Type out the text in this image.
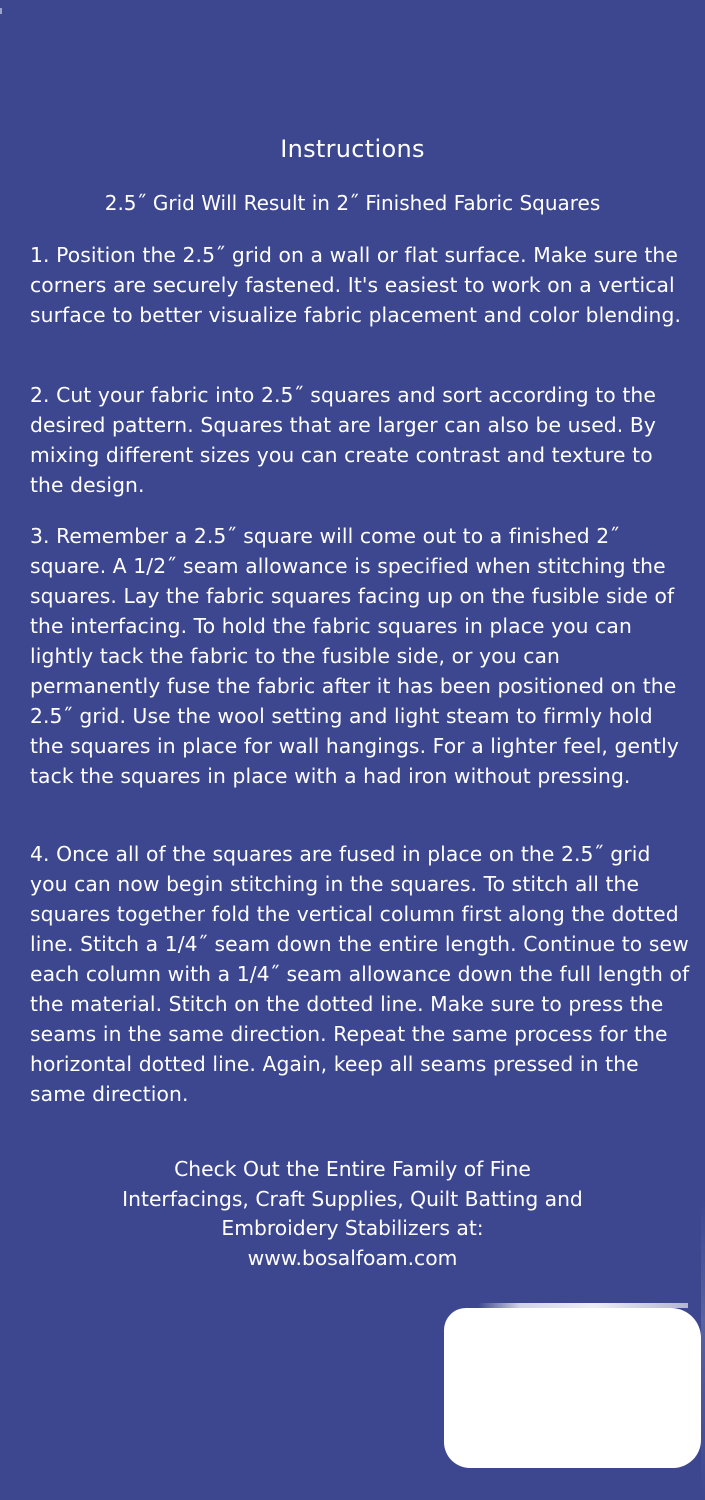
Instructions

2.5˝ Grid Will Result in 2˝ Finished Fabric Squares

1. Position the 2.5˝ grid on a wall or flat surface. Make sure the corners are securely fastened. It's easiest to work on a vertical surface to better visualize fabric placement and color blending.

2. Cut your fabric into 2.5˝ squares and sort according to the desired pattern. Squares that are larger can also be used. By mixing different sizes you can create contrast and texture to the design.

3. Remember a 2.5˝ square will come out to a finished 2˝ square. A 1/2˝ seam allowance is specified when stitching the squares. Lay the fabric squares facing up on the fusible side of the interfacing. To hold the fabric squares in place you can lightly tack the fabric to the fusible side, or you can permanently fuse the fabric after it has been positioned on the 2.5˝ grid. Use the wool setting and light steam to firmly hold the squares in place for wall hangings. For a lighter feel, gently tack the squares in place with a had iron without pressing.

4. Once all of the squares are fused in place on the 2.5˝ grid you can now begin stitching in the squares. To stitch all the squares together fold the vertical column first along the dotted line. Stitch a 1/4˝ seam down the entire length. Continue to sew each column with a 1/4˝ seam allowance down the full length of the material. Stitch on the dotted line. Make sure to press the seams in the same direction. Repeat the same process for the horizontal dotted line. Again, keep all seams pressed in the same direction.

Check Out the Entire Family of Fine
Interfacings, Craft Supplies, Quilt Batting and
Embroidery Stabilizers at:
www.bosalfoam.com
